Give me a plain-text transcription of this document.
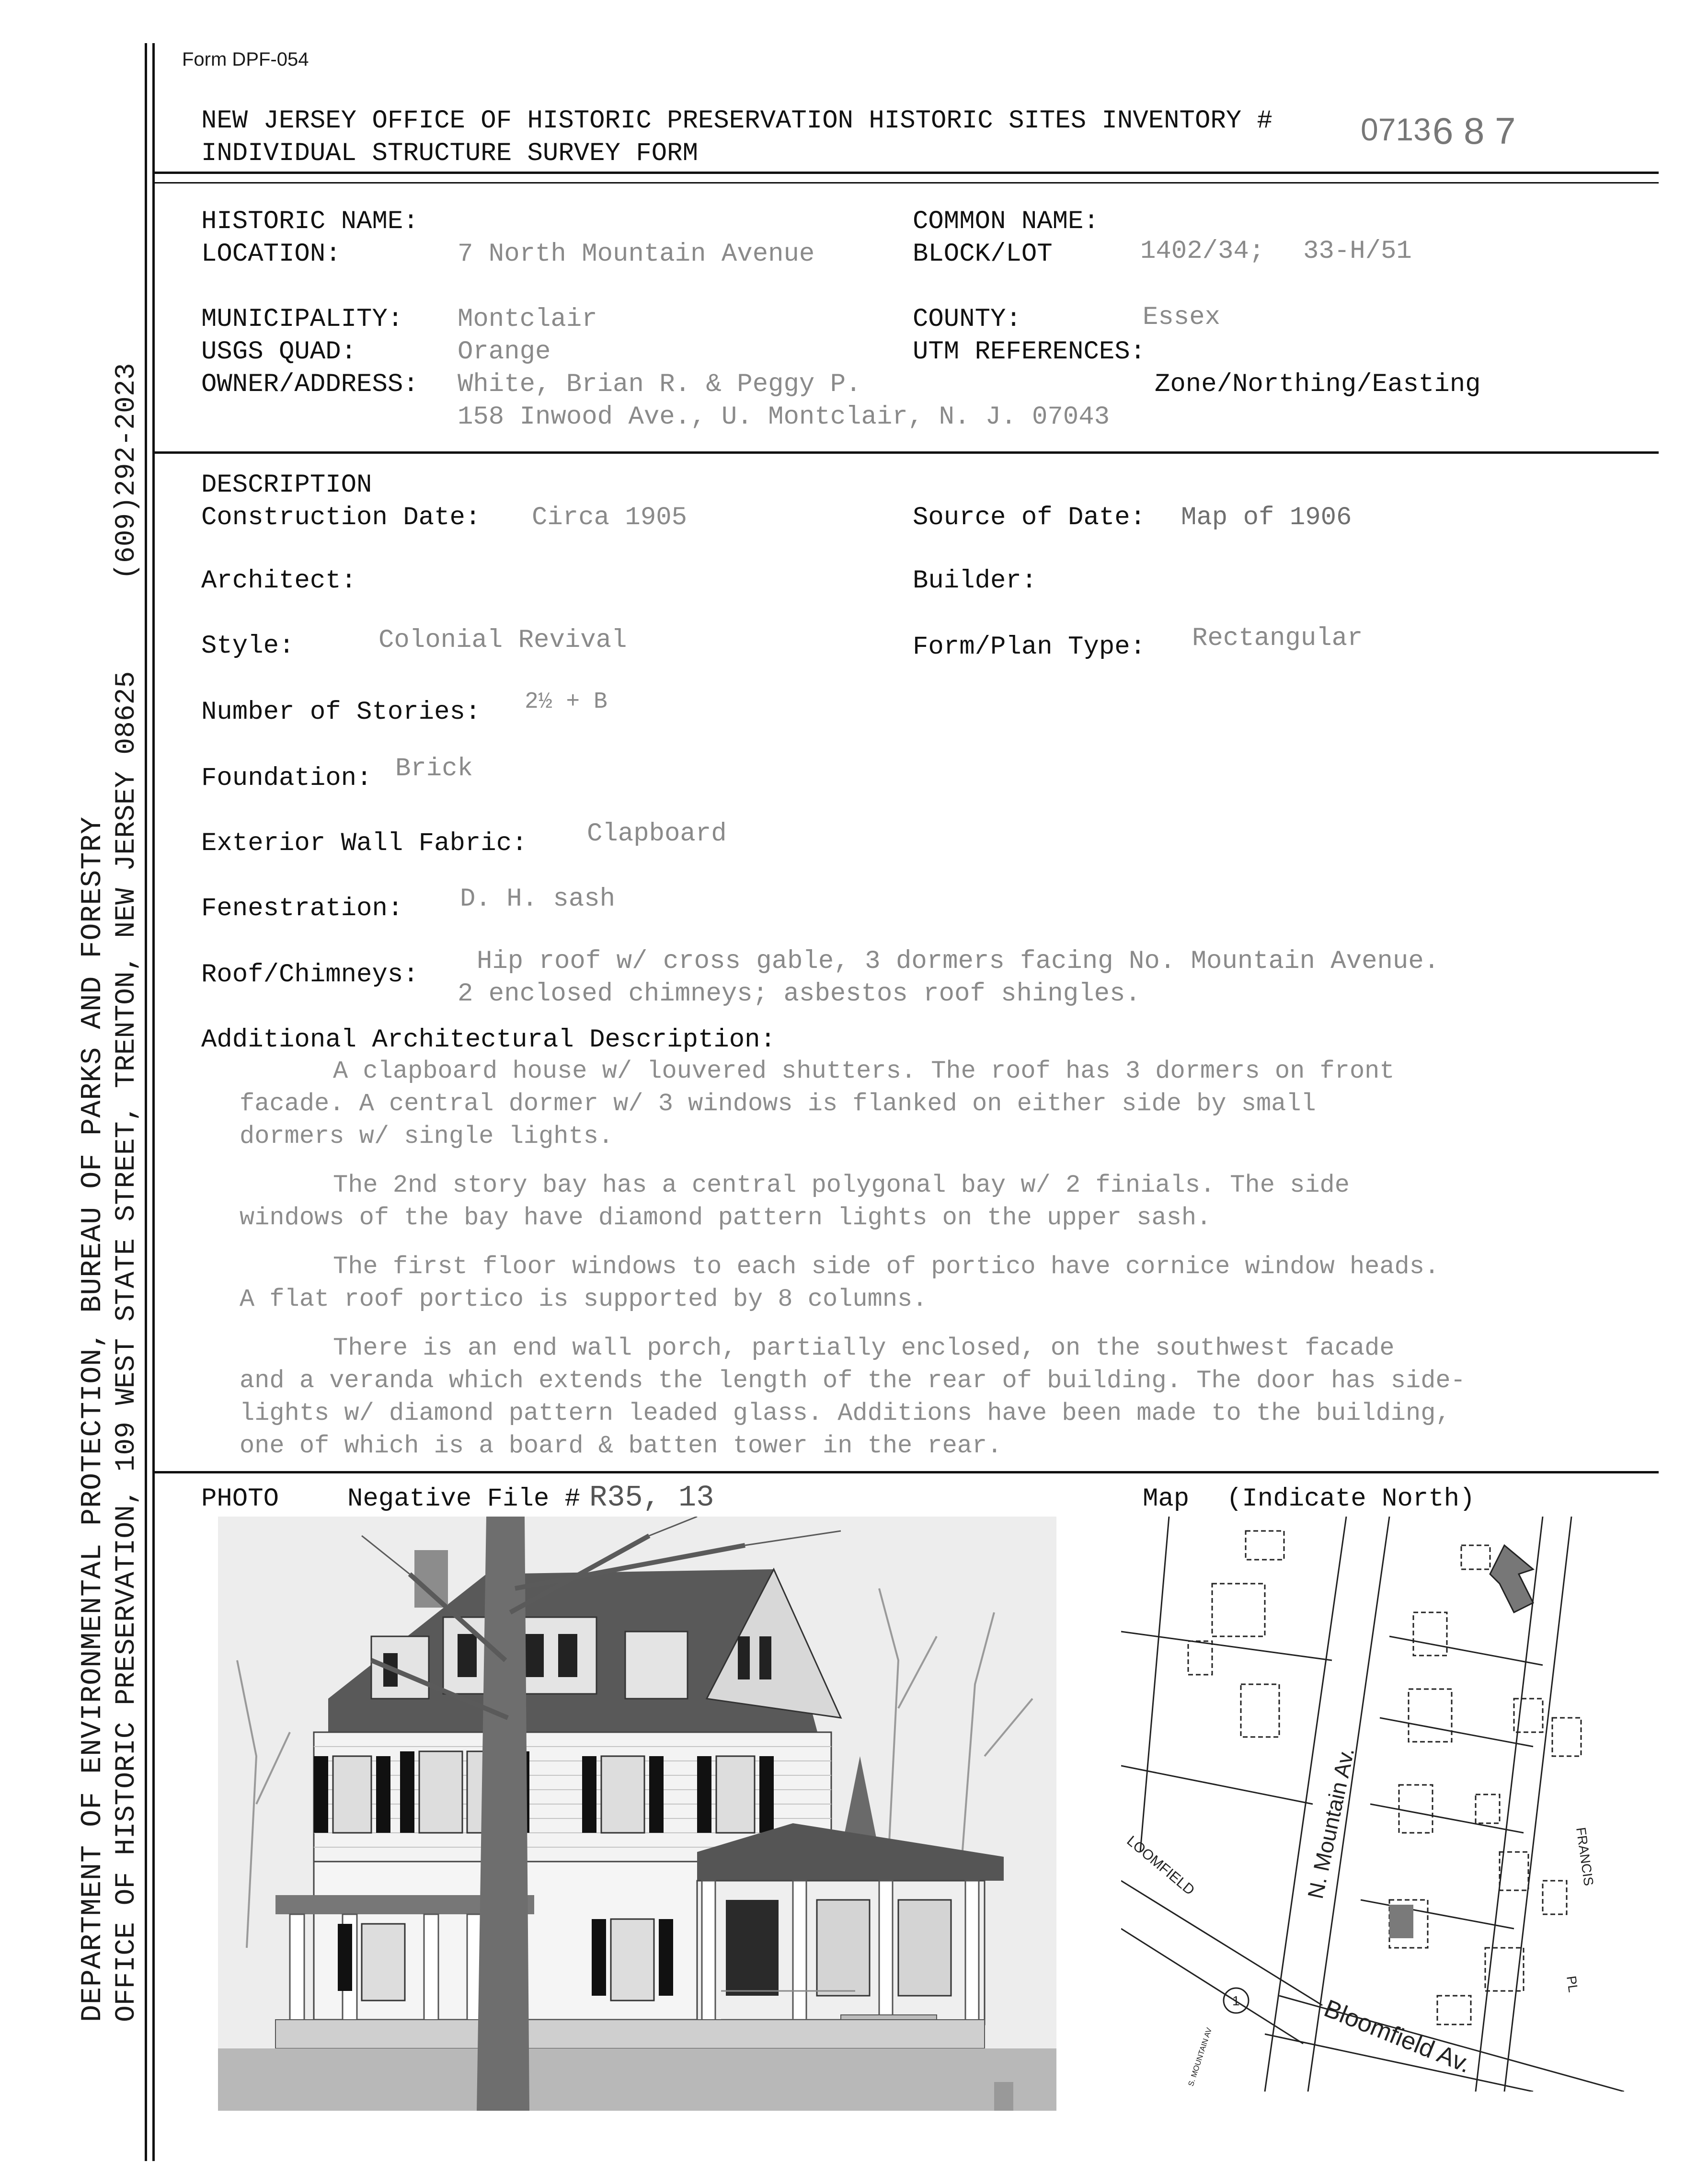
DEPARTMENT OF ENVIRONMENTAL PROTECTION, BUREAU OF PARKS AND FORESTRY OFFICE OF HISTORIC PRESERVATION, 109 WEST STATE STREET, TRENTON, NEW JERSEY 08625
(609)292-2023
Form DPF-054
NEW JERSEY OFFICE OF HISTORIC PRESERVATION HISTORIC SITES INVENTORY #
INDIVIDUAL STRUCTURE SURVEY FORM
0713 6 8 7
HISTORIC NAME:	COMMON NAME:
LOCATION:	7 North Mountain Avenue	BLOCK/LOT	1402/34; 33-H/51
MUNICIPALITY: Montclair	COUNTY:	Essex
USGS QUAD:	Orange	UTM REFERENCES:
OWNER/ADDRESS: White, Brian R. & Peggy P.	Zone/Northing/Easting
158 Inwood Ave., U. Montclair, N. J. 07043
DESCRIPTION
Construction Date: Circa 1905	Source of Date: Map of 1906
Architect:	Builder:
Style:	Colonial Revival	Form/Plan Type: Rectangular
Number of Stories: 2½ + B
Foundation: Brick
Exterior Wall Fabric: Clapboard
Fenestration: D. H. sash
Roof/Chimneys: Hip roof w/ cross gable, 3 dormers facing No. Mountain Avenue.
2 enclosed chimneys; asbestos roof shingles.
Additional Architectural Description:
A clapboard house w/ louvered shutters. The roof has 3 dormers on front
facade. A central dormer w/ 3 windows is flanked on either side by small
dormers w/ single lights.
The 2nd story bay has a central polygonal bay w/ 2 finials. The side
windows of the bay have diamond pattern lights on the upper sash.
The first floor windows to each side of portico have cornice window heads.
A flat roof portico is supported by 8 columns.
There is an end wall porch, partially enclosed, on the southwest facade
and a veranda which extends the length of the rear of building. The door has side-
lights w/ diamond pattern leaded glass. Additions have been made to the building,
one of which is a board & batten tower in the rear.
PHOTO	Negative File # R35, 13	Map (Indicate North)
1
N. Mountain Av.
Bloomfield Av.
LOOMFIELD	FRANCIS
PL
S. MOUNTAIN AV
